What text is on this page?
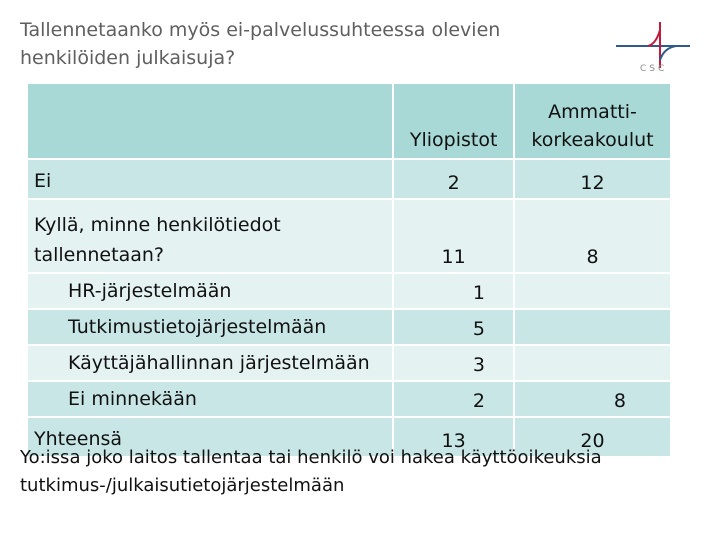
Tallennetaanko myös ei-palvelussuhteessa olevien
henkilöiden julkaisuja?	CSC
	Yliopistot	Ammatti-
korkeakoulut

Ei	2	12

Kyllä, minne henkilötiedot
tallennetaan?	11	8
HR-järjestelmään	1	
Tutkimustietojärjestelmään	5	
Käyttäjähallinnan järjestelmään	3	
Ei minnekään	2	8
Yhteensä	13	20
Yo:issa joko laitos tallentaa tai henkilö voi hakea käyttöoikeuksia
tutkimus-/julkaisutietojärjestelmään
